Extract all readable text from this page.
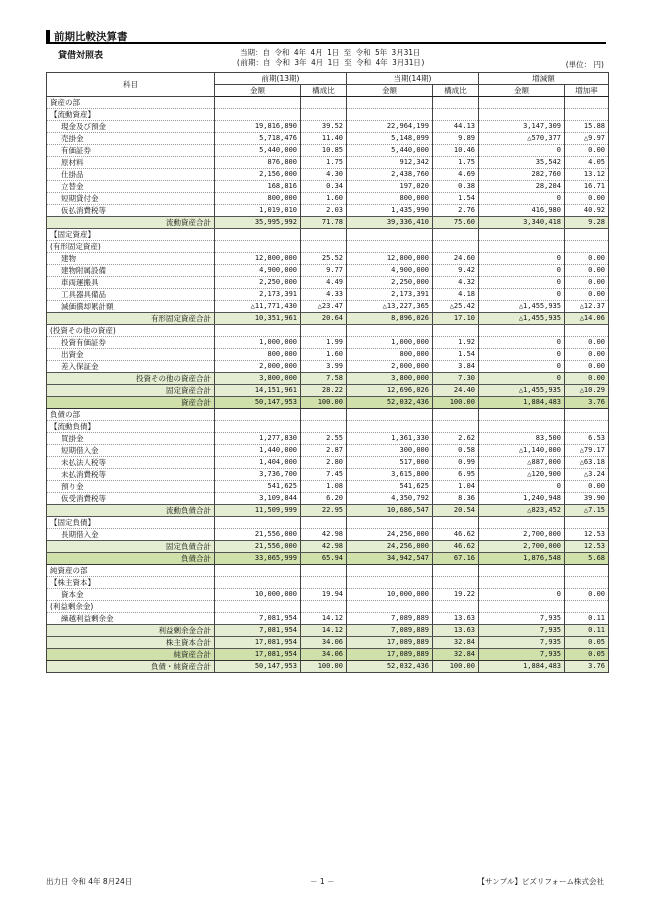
前期比較決算書
貸借対照表	当期：自 令和 4年 4月 1日 至 令和 5年 3月31日
(前期：自 令和 3年 4月 1日 至 令和 4年 3月31日)	(単位： 円)
科目	前期(13期)		当期(14期)		増減額	
	金額	構成比	金額	構成比	金額	増加率
資産の部						
【流動資産】						
現金及び預金	19,816,890	39.52	22,964,199	44.13	3,147,309	15.88
売掛金	5,718,476	11.40	5,148,099	9.89	△570,377	△9.97
有価証券	5,440,000	10.85	5,440,000	10.46	0	0.00
原材料	876,800	1.75	912,342	1.75	35,542	4.05
仕掛品	2,156,000	4.30	2,438,760	4.69	282,760	13.12
立替金	168,816	0.34	197,020	0.38	28,204	16.71
短期貸付金	800,000	1.60	800,000	1.54	0	0.00
仮払消費税等	1,019,010	2.03	1,435,990	2.76	416,980	40.92
流動資産合計	35,995,992	71.78	39,336,410	75.60	3,340,418	9.28
【固定資産】						
(有形固定資産)						
建物	12,800,000	25.52	12,800,000	24.60	0	0.00
建物附属設備	4,900,000	9.77	4,900,000	9.42	0	0.00
車両運搬具	2,250,000	4.49	2,250,000	4.32	0	0.00
工具器具備品	2,173,391	4.33	2,173,391	4.18	0	0.00
減価償却累計額	△11,771,430	△23.47	△13,227,365	△25.42	△1,455,935	△12.37
有形固定資産合計	10,351,961	20.64	8,896,026	17.10	△1,455,935	△14.06
(投資その他の資産)						
投資有価証券	1,000,000	1.99	1,000,000	1.92	0	0.00
出資金	800,000	1.60	800,000	1.54	0	0.00
差入保証金	2,000,000	3.99	2,000,000	3.84	0	0.00
投資その他の資産合計	3,800,000	7.58	3,800,000	7.30	0	0.00
固定資産合計	14,151,961	28.22	12,696,026	24.40	△1,455,935	△10.29
資産合計	50,147,953	100.00	52,032,436	100.00	1,884,483	3.76
負債の部						
【流動負債】						
買掛金	1,277,830	2.55	1,361,330	2.62	83,500	6.53
短期借入金	1,440,000	2.87	300,000	0.58	△1,140,000	△79.17
未払法人税等	1,404,000	2.80	517,000	0.99	△887,000	△63.18
未払消費税等	3,736,700	7.45	3,615,800	6.95	△120,900	△3.24
預り金	541,625	1.08	541,625	1.04	0	0.00
仮受消費税等	3,109,844	6.20	4,350,792	8.36	1,240,948	39.90
流動負債合計	11,509,999	22.95	10,686,547	20.54	△823,452	△7.15
【固定負債】						
長期借入金	21,556,000	42.98	24,256,000	46.62	2,700,000	12.53
固定負債合計	21,556,000	42.98	24,256,000	46.62	2,700,000	12.53
負債合計	33,065,999	65.94	34,942,547	67.16	1,876,548	5.68
純資産の部						
【株主資本】						
資本金	10,000,000	19.94	10,000,000	19.22	0	0.00
(利益剰余金)						
繰越利益剰余金	7,081,954	14.12	7,089,889	13.63	7,935	0.11
利益剰余金合計	7,081,954	14.12	7,089,889	13.63	7,935	0.11
株主資本合計	17,081,954	34.06	17,089,889	32.84	7,935	0.05
純資産合計	17,081,954	34.06	17,089,889	32.84	7,935	0.05
負債・純資産合計	50,147,953	100.00	52,032,436	100.00	1,884,483	3.76
出力日 令和 4年 8月24日	－ 1 －	【サンプル】ビズリフォーム株式会社
